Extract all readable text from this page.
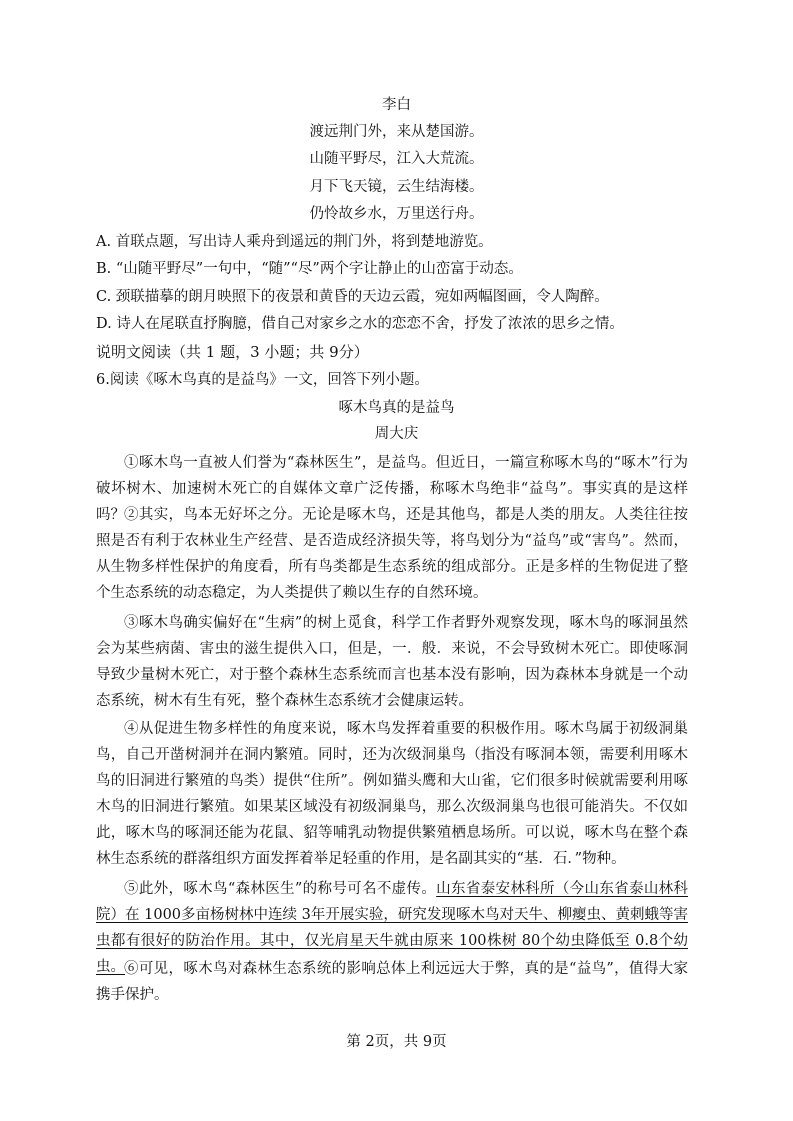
李白
渡远荆门外，来从楚国游。
山随平野尽，江入大荒流。
月下飞天镜，云生结海楼。
仍怜故乡水，万里送行舟。
A. 首联点题，写出诗人乘舟到遥远的荆门外，将到楚地游览。
B. “山随平野尽”一句中，“随”“尽”两个字让静止的山峦富于动态。
C. 颈联描摹的朗月映照下的夜景和黄昏的天边云霞，宛如两幅图画，令人陶醉。
D. 诗人在尾联直抒胸臆，借自己对家乡之水的恋恋不舍，抒发了浓浓的思乡之情。
说明文阅读（共 1 题，3 小题；共 9分）
6.阅读《啄木鸟真的是益鸟》一文，回答下列小题。
啄木鸟真的是益鸟
周大庆
①啄木鸟一直被人们誉为“森林医生”，是益鸟。但近日，一篇宣称啄木鸟的“啄木”行为破坏树木、加速树木死亡的自媒体文章广泛传播，称啄木鸟绝非“益鸟”。事实真的是这样吗？ ②其实，鸟本无好坏之分。无论是啄木鸟，还是其他鸟，都是人类的朋友。人类往往按照是否有利于农林业生产经营、是否造成经济损失等，将鸟划分为“益鸟”或“害鸟”。然而，从生物多样性保护的角度看，所有鸟类都是生态系统的组成部分。正是多样的生物促进了整个生态系统的动态稳定，为人类提供了赖以生存的自然环境。
③啄木鸟确实偏好在“生病”的树上觅食，科学工作者野外观察发现，啄木鸟的啄洞虽然会为某些病菌、害虫的滋生提供入口，但是，一．般．来说，不会导致树木死亡。即使啄洞导致少量树木死亡，对于整个森林生态系统而言也基本没有影响，因为森林本身就是一个动态系统，树木有生有死，整个森林生态系统才会健康运转。
④从促进生物多样性的角度来说，啄木鸟发挥着重要的积极作用。啄木鸟属于初级洞巢鸟，自己开凿树洞并在洞内繁殖。同时，还为次级洞巢鸟（指没有啄洞本领，需要利用啄木鸟的旧洞进行繁殖的鸟类）提供“住所”。例如猫头鹰和大山雀，它们很多时候就需要利用啄木鸟的旧洞进行繁殖。如果某区域没有初级洞巢鸟，那么次级洞巢鸟也很可能消失。不仅如此，啄木鸟的啄洞还能为花鼠、貂等哺乳动物提供繁殖栖息场所。可以说，啄木鸟在整个森林生态系统的群落组织方面发挥着举足轻重的作用，是名副其实的“基．石．”物种。
⑤此外，啄木鸟“森林医生”的称号可名不虚传。山东省泰安林科所（今山东省泰山林科院）在 1000多亩杨树林中连续 3年开展实验，研究发现啄木鸟对天牛、柳瘿虫、黄刺蛾等害虫都有很好的防治作用。其中，仅光肩星天牛就由原来 100株树 80个幼虫降低至 0.8个幼虫。 ⑥可见，啄木鸟对森林生态系统的影响总体上利远远大于弊，真的是“益鸟”，值得大家携手保护。
第 2页，共 9页
